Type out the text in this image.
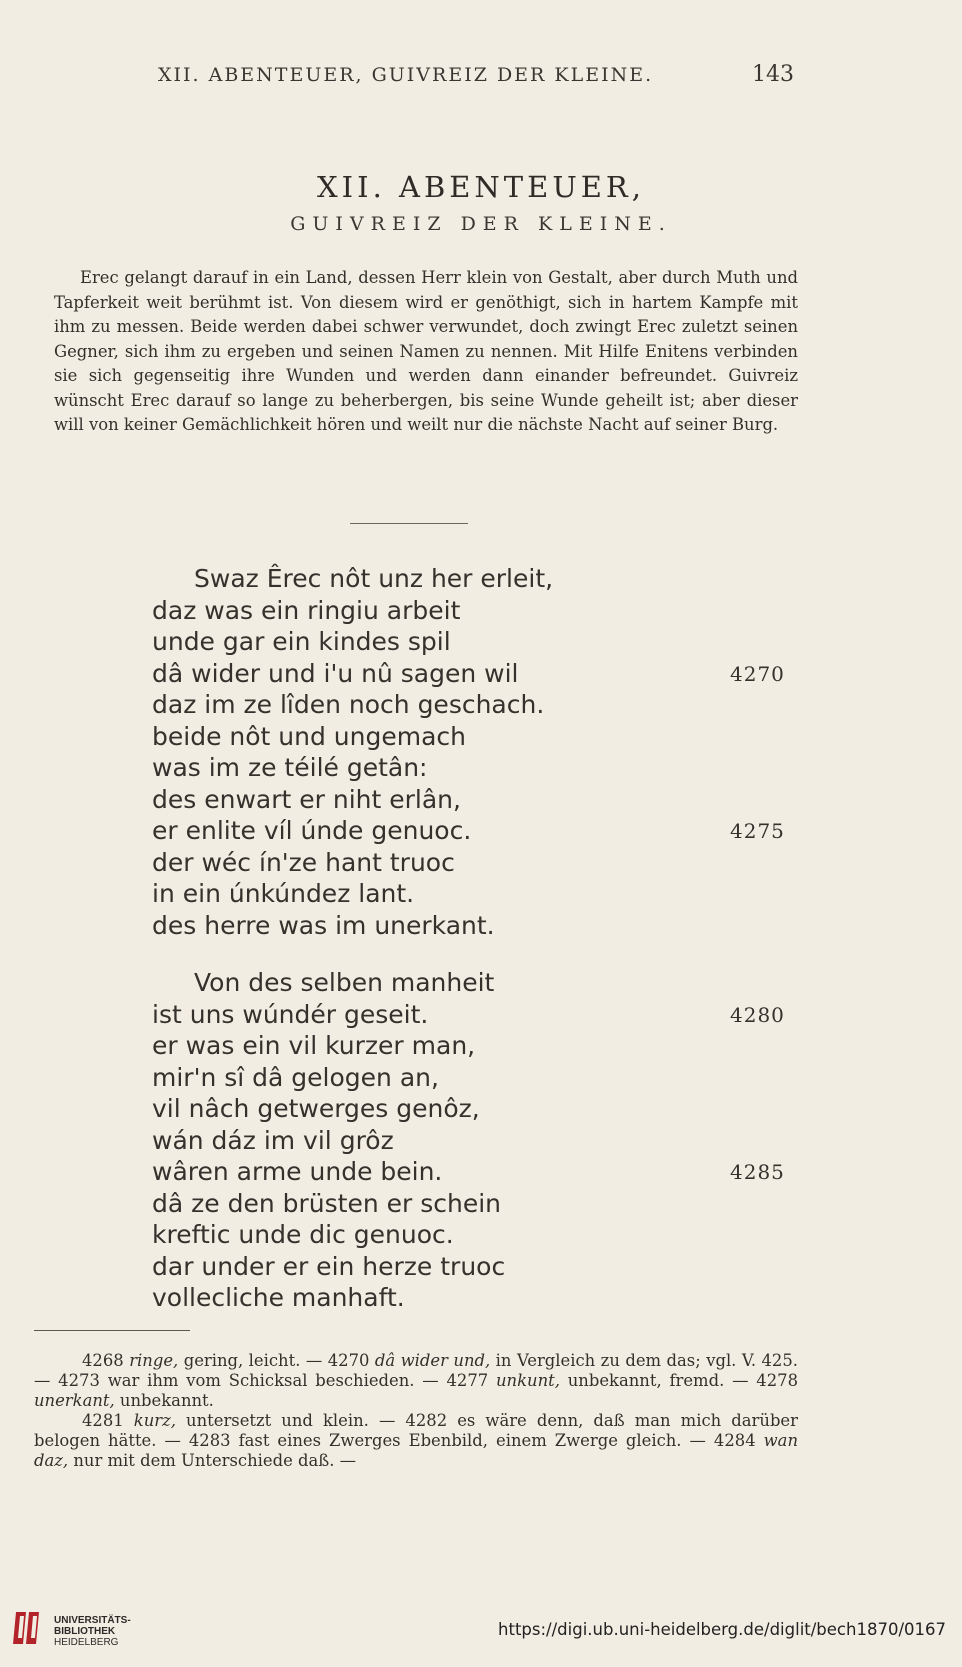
XII. ABENTEUER, GUIVREIZ DER KLEINE.	143
XII. ABENTEUER,
GUIVREIZ DER KLEINE.

Erec gelangt darauf in ein Land, dessen Herr klein von Gestalt, aber durch Muth und Tapferkeit weit berühmt ist. Von diesem wird er genöthigt, sich in hartem Kampfe mit ihm zu messen. Beide werden dabei schwer verwundet, doch zwingt Erec zuletzt seinen Gegner, sich ihm zu ergeben und seinen Namen zu nennen. Mit Hilfe Enitens verbinden sie sich gegenseitig ihre Wunden und werden dann einander befreundet. Guivreiz wünscht Erec darauf so lange zu beherbergen, bis seine Wunde geheilt ist; aber dieser will von keiner Gemächlichkeit hören und weilt nur die nächste Nacht auf seiner Burg.

Swaz Êrec nôt unz her erleit,
daz was ein ringiu arbeit
unde gar ein kindes spil
dâ wider und i'u nû sagen wil	4270
daz im ze lîden noch geschach.
beide nôt und ungemach
was im ze téilé getân:
des enwart er niht erlân,
er enlite víl únde genuoc.	4275
der wéc ín'ze hant truoc
in ein únkúndez lant.
des herre was im unerkant.
Von des selben manheit
ist uns wúndér geseit.	4280
er was ein vil kurzer man,
mir'n sî dâ gelogen an,
vil nâch getwerges genôz,
wán dáz im vil grôz
wâren arme unde bein.	4285
dâ ze den brüsten er schein
kreftic unde dic genuoc.
dar under er ein herze truoc
vollecliche manhaft.

4268 ringe, gering, leicht. — 4270 dâ wider und, in Vergleich zu dem das; vgl. V. 425. — 4273 war ihm vom Schicksal beschieden. — 4277 unkunt, unbekannt, fremd. — 4278 unerkant, unbekannt.

4281 kurz, untersetzt und klein. — 4282 es wäre denn, daß man mich darüber belogen hätte. — 4283 fast eines Zwerges Ebenbild, einem Zwerge gleich. — 4284 wan daz, nur mit dem Unterschiede daß. —

UNIVERSITÄTS-
BIBLIOTHEK
HEIDELBERG
https://digi.ub.uni-heidelberg.de/diglit/bech1870/0167
